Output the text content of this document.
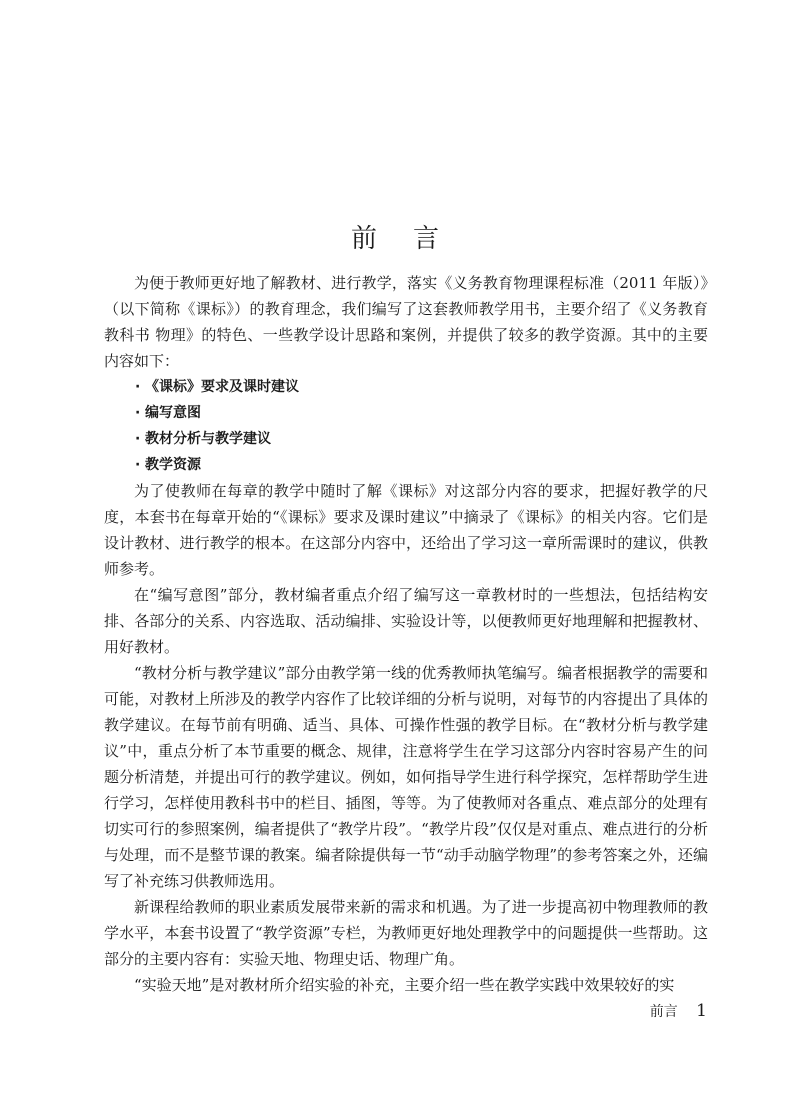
前言

为便于教师更好地了解教材、进行教学，落实《义务教育物理课程标准（2011 年版）》（以下简称《课标》）的教育理念，我们编写了这套教师教学用书，主要介绍了《义务教育教科书 物理》的特色、一些教学设计思路和案例，并提供了较多的教学资源。其中的主要内容如下：

· 《课标》要求及课时建议
· 编写意图
· 教材分析与教学建议
· 教学资源

为了使教师在每章的教学中随时了解《课标》对这部分内容的要求，把握好教学的尺度，本套书在每章开始的“《课标》要求及课时建议”中摘录了《课标》的相关内容。它们是设计教材、进行教学的根本。在这部分内容中，还给出了学习这一章所需课时的建议，供教师参考。

在“编写意图”部分，教材编者重点介绍了编写这一章教材时的一些想法，包括结构安排、各部分的关系、内容选取、活动编排、实验设计等，以便教师更好地理解和把握教材、用好教材。

“教材分析与教学建议”部分由教学第一线的优秀教师执笔编写。编者根据教学的需要和可能，对教材上所涉及的教学内容作了比较详细的分析与说明，对每节的内容提出了具体的教学建议。在每节前有明确、适当、具体、可操作性强的教学目标。在“教材分析与教学建议”中，重点分析了本节重要的概念、规律，注意将学生在学习这部分内容时容易产生的问题分析清楚，并提出可行的教学建议。例如，如何指导学生进行科学探究，怎样帮助学生进行学习，怎样使用教科书中的栏目、插图，等等。为了使教师对各重点、难点部分的处理有切实可行的参照案例，编者提供了“教学片段”。“教学片段”仅仅是对重点、难点进行的分析与处理，而不是整节课的教案。编者除提供每一节“动手动脑学物理”的参考答案之外，还编写了补充练习供教师选用。

新课程给教师的职业素质发展带来新的需求和机遇。为了进一步提高初中物理教师的教学水平，本套书设置了“教学资源”专栏，为教师更好地处理教学中的问题提供一些帮助。这部分的主要内容有：实验天地、物理史话、物理广角。

“实验天地”是对教材所介绍实验的补充，主要介绍一些在教学实践中效果较好的实

前言 1
